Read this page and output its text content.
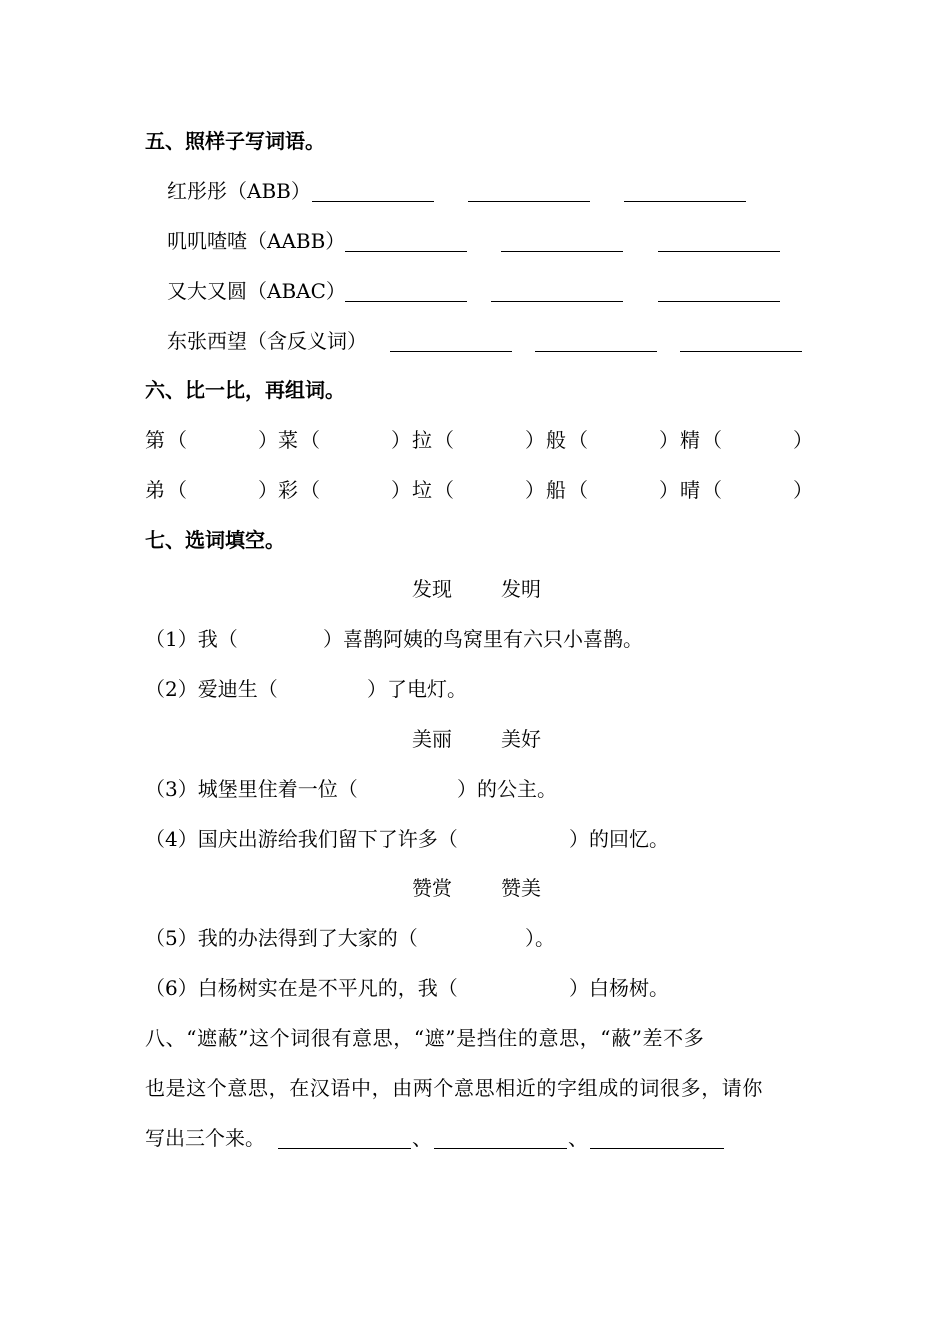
五、照样子写词语。
红彤彤（ABB）
叽叽喳喳（AABB）
又大又圆（ABAC）
东张西望（含反义词）
六、比一比，再组词。
第 （	） 菜 （	） 拉 （	） 般 （	） 精 （	）
弟 （	） 彩 （	） 垃 （	） 船 （	） 晴 （	）
七、选词填空。
发现 发明
（1）我（	）喜鹊阿姨的鸟窝里有六只小喜鹊。
（2）爱迪生（	）了电灯。
美丽 美好
（3）城堡里住着一位（	）的公主。
（4）国庆出游给我们留下了许多（	）的回忆。
赞赏 赞美
（5）我的办法得到了大家的（	）。
（6）白杨树实在是不平凡的，我（	）白杨树。
八、“遮蔽”这个词很有意思，“遮”是挡住的意思，“蔽”差不多
也是这个意思，在汉语中，由两个意思相近的字组成的词很多，请你
写出三个来。	、	、
